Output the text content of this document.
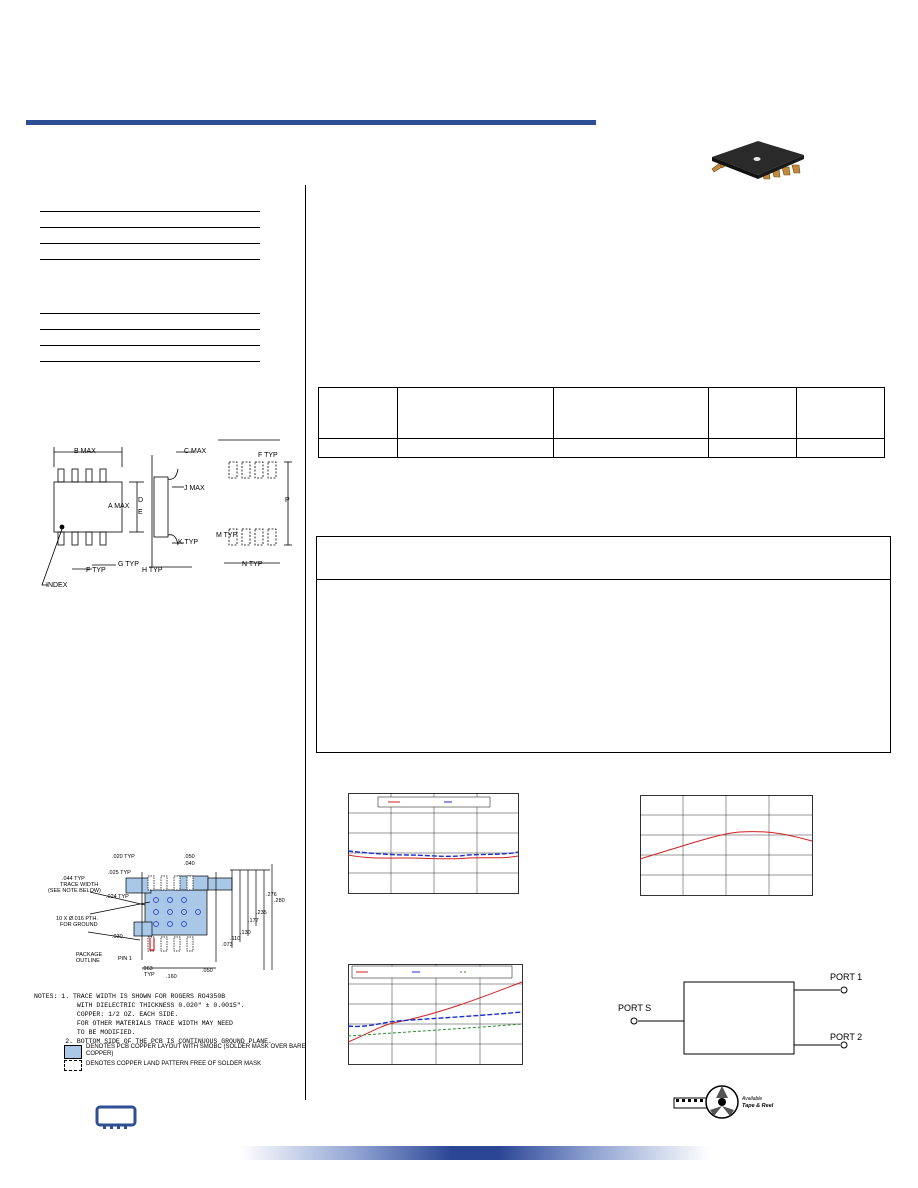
B MAX	C MAX
F TYP
A MAX
D
E
J MAX
P
K TYP
M TYP
G TYP
F TYP	H TYP
N TYP
INDEX
.020 TYP	.050
.040
.025 TYP
.044 TYP
TRACE WIDTH
(SEE NOTE BELOW)
.024 TYP
10 X Ø.016 PTH.
FOR GROUND
.030
PACKAGE
OUTLINE	PIN 1
.063
TYP .160
.050
.073
.110
.130
.177
.235
.276
.280
NOTES: 1. TRACE WIDTH IS SHOWN FOR ROGERS RO4350B
WITH DIELECTRIC THICKNESS 0.020" ± 0.0015".
COPPER: 1/2 OZ. EACH SIDE.
FOR OTHER MATERIALS TRACE WIDTH MAY NEED
TO BE MODIFIED.
2. BOTTOM SIDE OF THE PCB IS CONTINUOUS GROUND PLANE.
DENOTES PCB COPPER LAYOUT WITH SMOBC (SOLDER MASK OVER BARE COPPER)
DENOTES COPPER LAND PATTERN FREE OF SOLDER MASK
PORT 1
PORT S
PORT 2
Available
Tape & Reel
